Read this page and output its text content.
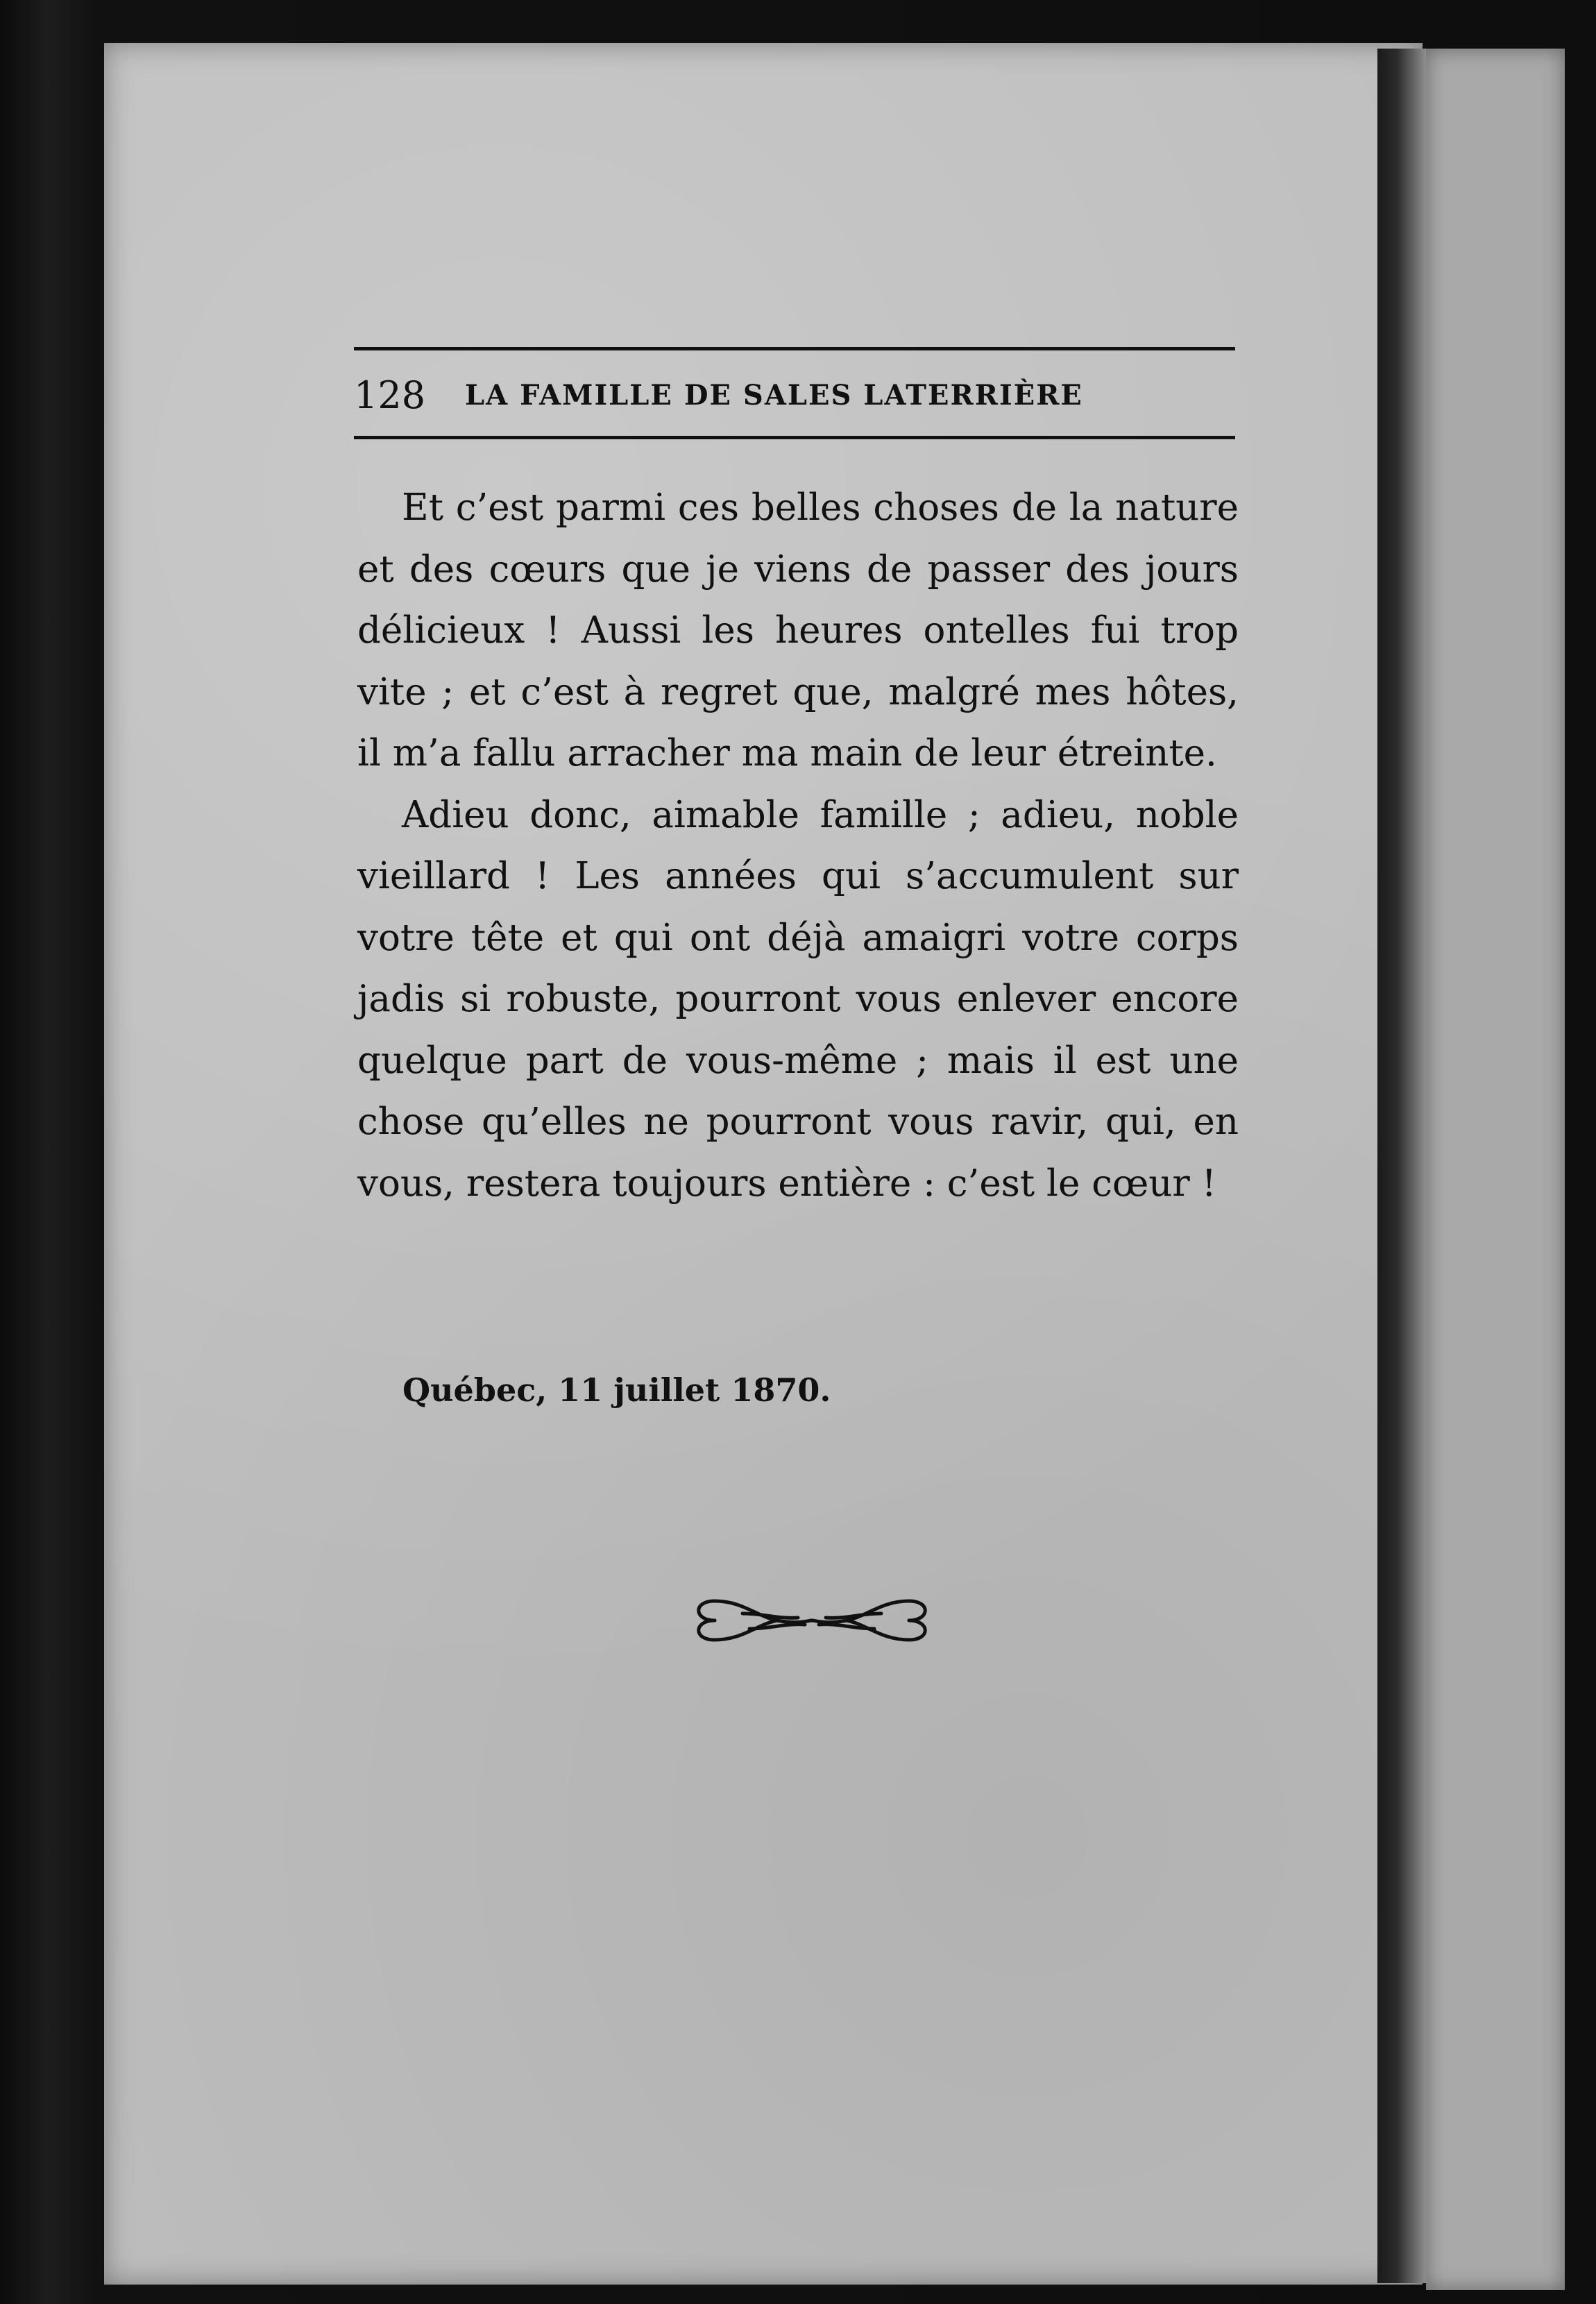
128 LA FAMILLE DE SALES LATERRIÈRE

Et c’est parmi ces belles choses de la nature et des cœurs que je viens de passer des jours délicieux ! Aussi les heures ontelles fui trop vite ; et c’est à regret que, malgré mes hôtes, il m’a fallu arracher ma main de leur étreinte.

Adieu donc, aimable famille ; adieu, noble vieillard ! Les années qui s’accumulent sur votre tête et qui ont déjà amaigri votre corps jadis si robuste, pourront vous enlever encore quelque part de vous-même ; mais il est une chose qu’elles ne pourront vous ravir, qui, en vous, restera toujours entière : c’est le cœur !

Québec, 11 juillet 1870.
